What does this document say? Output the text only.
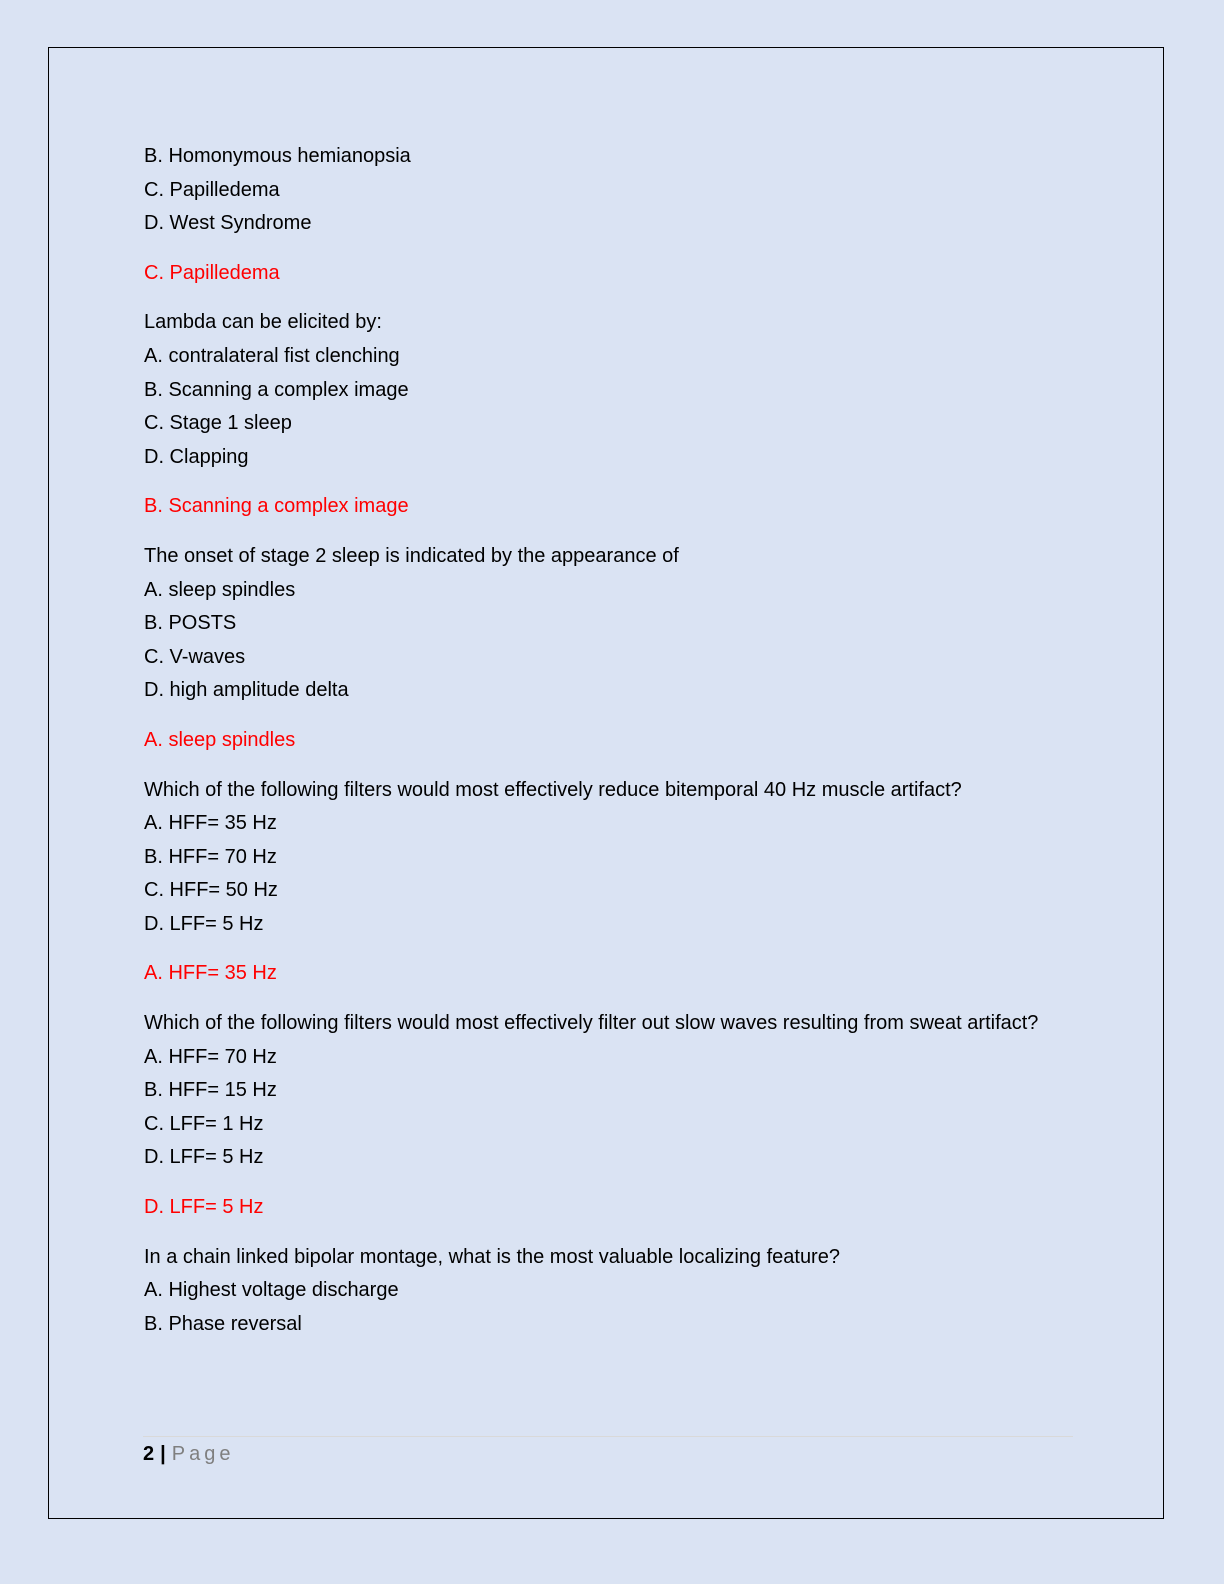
B. Homonymous hemianopsia
C. Papilledema
D. West Syndrome
C. Papilledema
Lambda can be elicited by:
A. contralateral fist clenching
B. Scanning a complex image
C. Stage 1 sleep
D. Clapping
B. Scanning a complex image
The onset of stage 2 sleep is indicated by the appearance of
A. sleep spindles
B. POSTS
C. V-waves
D. high amplitude delta
A. sleep spindles
Which of the following filters would most effectively reduce bitemporal 40 Hz muscle artifact?
A. HFF= 35 Hz
B. HFF= 70 Hz
C. HFF= 50 Hz
D. LFF= 5 Hz
A. HFF= 35 Hz
Which of the following filters would most effectively filter out slow waves resulting from sweat artifact?
A. HFF= 70 Hz
B. HFF= 15 Hz
C. LFF= 1 Hz
D. LFF= 5 Hz
D. LFF= 5 Hz
In a chain linked bipolar montage, what is the most valuable localizing feature?
A. Highest voltage discharge
B. Phase reversal
2 | Page
